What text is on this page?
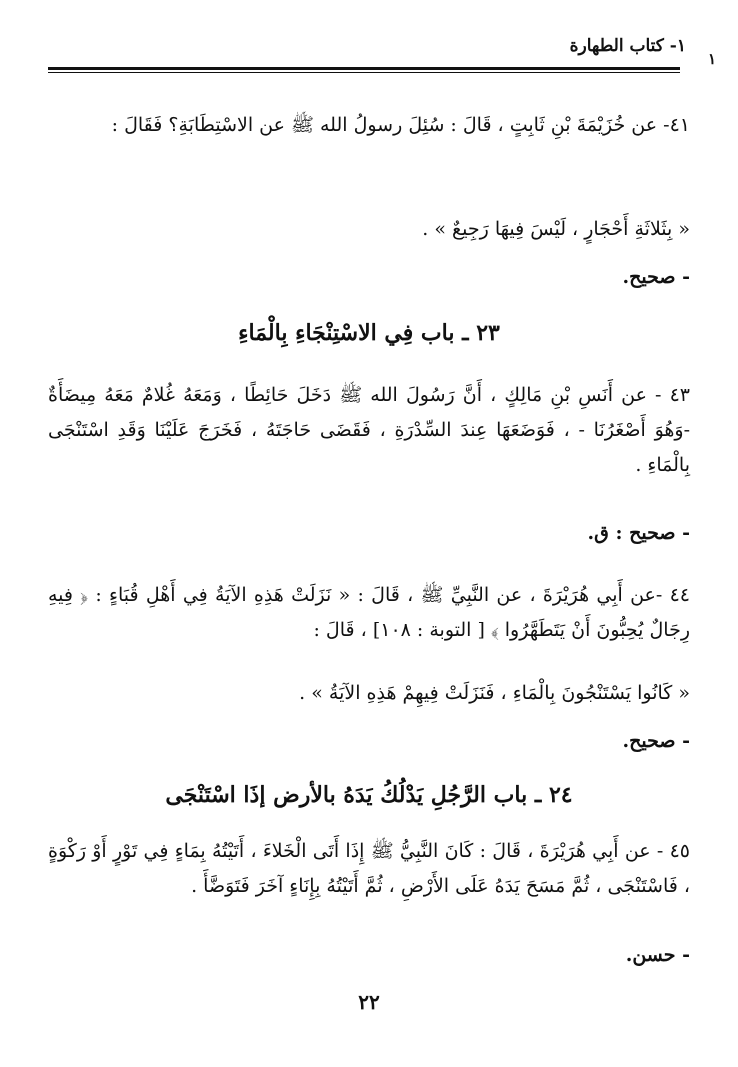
١- كتاب الطهارة
١

٤١- عن خُزَيْمَةَ بْنِ ثَابِتٍ ، قَالَ : سُئِلَ رسولُ الله ﷺ عن الاسْتِطَابَةِ؟ فَقَالَ :

« بِثَلاثَةِ أَحْجَارٍ ، لَيْسَ فِيهَا رَجِيعٌ » .

- صحيح.

٢٣ ـ باب فِي الاسْتِنْجَاءِ بِالْمَاءِ

٤٣ - عن أَنَسِ بْنِ مَالِكٍ ، أَنَّ رَسُولَ الله ﷺ دَخَلَ حَائِطًا ، وَمَعَهُ غُلامٌ مَعَهُ مِيضَأَةٌ -وَهُوَ أَصْغَرُنَا - ، فَوَضَعَهَا عِندَ السِّدْرَةِ ، فَقَضَى حَاجَتَهُ ، فَخَرَجَ عَلَيْنَا وَقَدِ اسْتَنْجَى بِالْمَاءِ .

- صحيح : ق.

٤٤ -عن أَبِي هُرَيْرَةَ ، عن النَّبِيِّ ﷺ ، قَالَ : « نَزَلَتْ هَذِهِ الآيَةُ فِي أَهْلِ قُبَاءٍ : ﴿ فِيهِ رِجَالٌ يُحِبُّونَ أَنْ يَتَطَهَّرُوا ﴾ [ التوبة : ١٠٨] ، قَالَ :

« كَانُوا يَسْتَنْجُونَ بِالْمَاءِ ، فَنَزَلَتْ فِيهِمْ هَذِهِ الآيَةُ » .

- صحيح.

٢٤ ـ باب الرَّجُلِ يَدْلُكُ يَدَهُ بالأرض إذَا اسْتَنْجَى

٤٥ - عن أَبِي هُرَيْرَةَ ، قَالَ : كَانَ النَّبِيُّ ﷺ إِذَا أَتَى الْخَلاءَ ، أَتَيْتُهُ بِمَاءٍ فِي تَوْرٍ أَوْ رَكْوَةٍ ، فَاسْتَنْجَى ، ثُمَّ مَسَحَ يَدَهُ عَلَى الأَرْضِ ، ثُمَّ أَتَيْتُهُ بِإِنَاءٍ آخَرَ فَتَوَضَّأَ .

- حسن.

٢٢
